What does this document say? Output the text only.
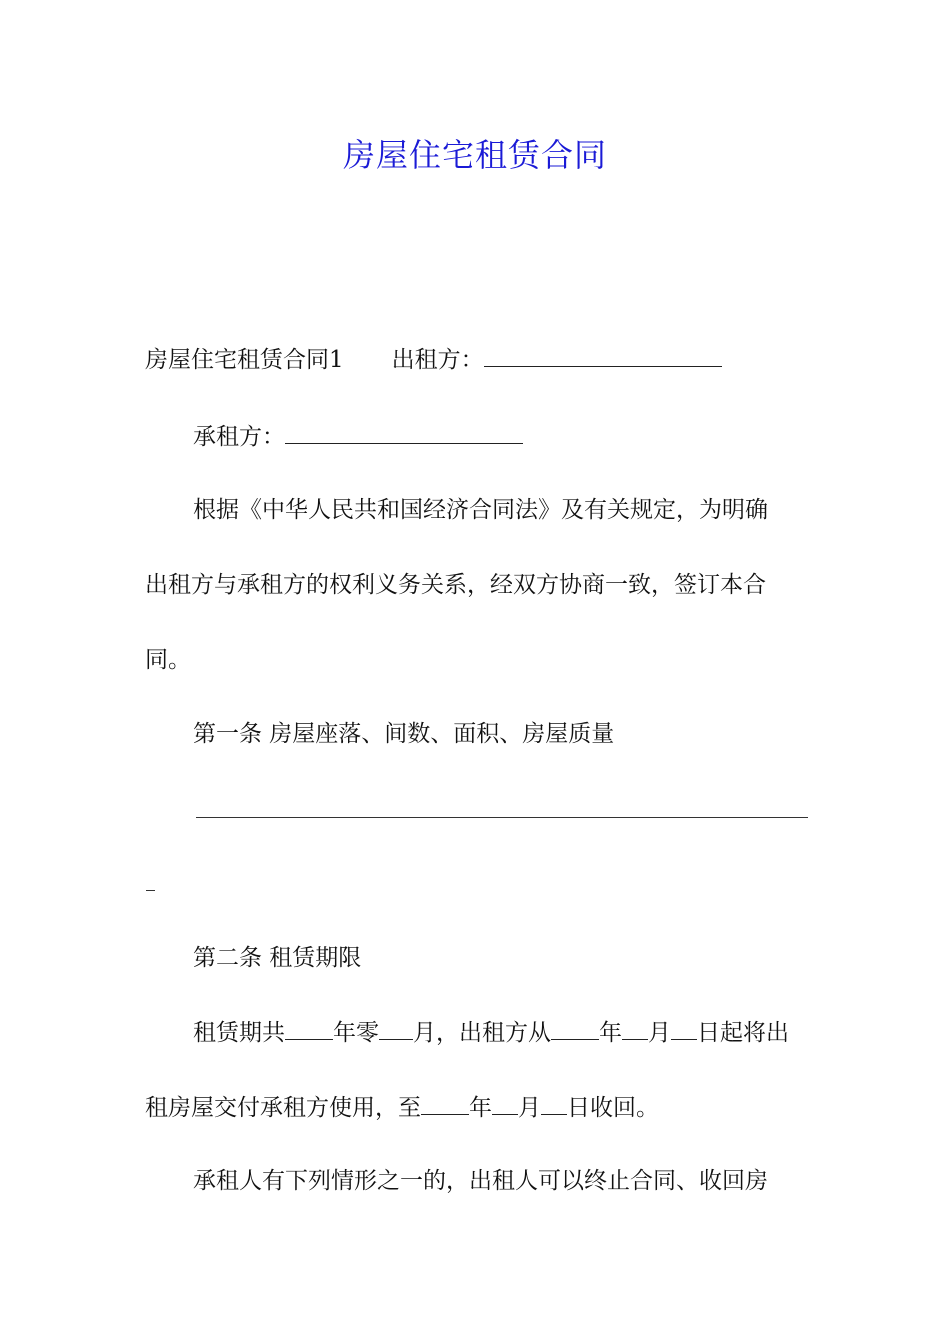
房屋住宅租赁合同

房屋住宅租赁合同1 出租方：

承租方：

根据《中华人民共和国经济合同法》及有关规定，为明确

出租方与承租方的权利义务关系，经双方协商一致，签订本合

同。

第一条 房屋座落、间数、面积、房屋质量

第二条 租赁期限

租赁期共 年零 月，出租方从 年 月 日起将出

租房屋交付承租方使用，至 年 月 日收回。

承租人有下列情形之一的，出租人可以终止合同、收回房
